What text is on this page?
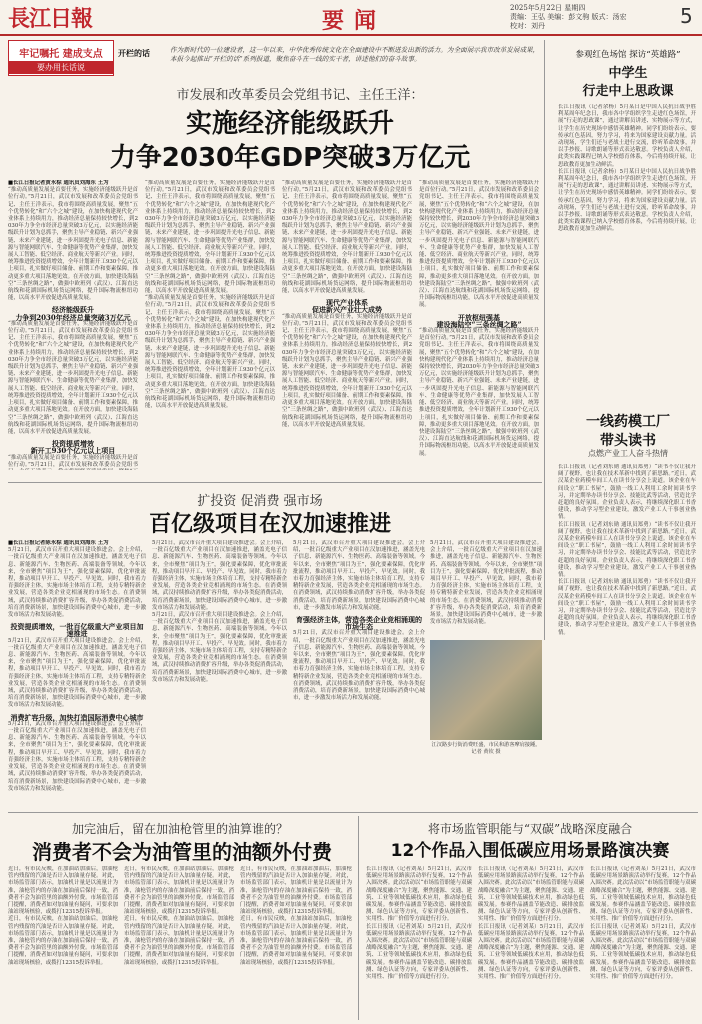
長江日報	要闻	2025年5月22日 星期四
责编：王弘 美编：彭文驹 版式：汤宏
校对：刘丹	5
牢记嘱托 建成支点
要办用长话说
开栏的话	作为新时代的一位建设者，这一年以来，中华优秀传统文化在全面建设中不断迸发出新的活力。为全面展示我市改革发展成果，本报今起推出“开栏的话”系列报道，聚焦奋斗在一线的实干者，讲述他们的奋斗故事。
市发展和改革委员会党组书记、主任王洋：
实施经济能级跃升
力争2030年GDP突破3万亿元
■长江日报记者黄永棕 通讯员刘海东 王为
“推动高质量发展是首要任务，实施经济能级跃升是首位行动。”5月21日，武汉市发展和改革委员会党组书记、主任王洋表示，我市将围绕高质量发展，聚焦“五个优势转化”和“六个之城”建设，在加快构建现代化产业体系上持续用力，推动经济总量保持较快增长，到2030年力争全市经济总量突破3万亿元，以实施经济能级跃升计划为总抓手，聚焦主导产业稳链、新兴产业强链、未来产业建链，进一步巩固提升光电子信息、新能源与智能网联汽车、生命健康等优势产业集群，加快发展人工智能、低空经济、商业航天等新兴产业。同时，统筹推进投资提质增效，全年计划新开工930个亿元以上项目，扎实做好项目储备、前期工作和要素保障，推动更多重大项目落地见效。在开放方面，加快建设海陆空“三条丝绸之路”，做强中欧班列（武汉）、江海直达航线和花湖国际机场货运网络，提升国际物流枢纽功能，以高水平开放促进高质量发展。
经济能级跃升
力争到2030年经济总量突破3万亿元
“推动高质量发展是首要任务，实施经济能级跃升是首位行动。”5月21日，武汉市发展和改革委员会党组书记、主任王洋表示，我市将围绕高质量发展，聚焦“五个优势转化”和“六个之城”建设，在加快构建现代化产业体系上持续用力，推动经济总量保持较快增长，到2030年力争全市经济总量突破3万亿元，以实施经济能级跃升计划为总抓手，聚焦主导产业稳链、新兴产业强链、未来产业建链，进一步巩固提升光电子信息、新能源与智能网联汽车、生命健康等优势产业集群，加快发展人工智能、低空经济、商业航天等新兴产业。同时，统筹推进投资提质增效，全年计划新开工930个亿元以上项目，扎实做好项目储备、前期工作和要素保障，推动更多重大项目落地见效。在开放方面，加快建设海陆空“三条丝绸之路”，做强中欧班列（武汉）、江海直达航线和花湖国际机场货运网络，提升国际物流枢纽功能，以高水平开放促进高质量发展。
投资提质增效
新开工930个亿元以上项目
“推动高质量发展是首要任务，实施经济能级跃升是首位行动。”5月21日，武汉市发展和改革委员会党组书
“推动高质量发展是首要任务，实施经济能级跃升是首位行动。”5月21日，武汉市发展和改革委员会党组书记、主任王洋表示，我市将围绕高质量发展，聚焦“五个优势转化”和“六个之城”建设，在加快构建现代化产业体系上持续用力，推动经济总量保持较快增长，到2030年力争全市经济总量突破3万亿元，以实施经济能级跃升计划为总抓手，聚焦主导产业稳链、新兴产业强链、未来产业建链，进一步巩固提升光电子信息、新能源与智能网联汽车、生命健康等优势产业集群，加快发展人工智能、低空经济、商业航天等新兴产业。同时，统筹推进投资提质增效，全年计划新开工930个亿元以上项目，扎实做好项目储备、前期工作和要素保障，推动更多重大项目落地见效。在开放方面，加快建设海陆空“三条丝绸之路”，做强中欧班列（武汉）、江海直达航线和花湖国际机场货运网络，提升国际物流枢纽功能，以高水平开放促进高质量发展。
“推动高质量发展是首要任务，实施经济能级跃升是首位行动。”5月21日，武汉市发展和改革委员会党组书记、主任王洋表示，我市将围绕高质量发展，聚焦“五个优势转化”和“六个之城”建设，在加快构建现代化产业体系上持续用力，推动经济总量保持较快增长，到2030年力争全市经济总量突破3万亿元，以实施经济能级跃升计划为总抓手，聚焦主导产业稳链、新兴产业强链、未来产业建链，进一步巩固提升光电子信息、新能源与智能网联汽车、生命健康等优势产业集群，加快发展人工智能、低空经济、商业航天等新兴产业。同时，统筹推进投资提质增效，全年计划新开工930个亿元以上项目，扎实做好项目储备、前期工作和要素保障，推动更多重大项目落地见效。在开放方面，加快建设海陆空“三条丝绸之路”，做强中欧班列（武汉）、江海直达航线和花湖国际机场货运网络，提升国际物流枢纽功能，以高水平开放促进高质量发展。
“推动高质量发展是首要任务，实施经济能级跃升是首位行动。”5月21日，武汉市发展和改革委员会党组书记、主任王洋表示，我市将围绕高质量发展，聚焦“五个优势转化”和“六个之城”建设，在加快构建现代化产业体系上持续用力，推动经济总量保持较快增长，到2030年力争全市经济总量突破3万亿元，以实施经济能级跃升计划为总抓手，聚焦主导产业稳链、新兴产业强链、未来产业建链，进一步巩固提升光电子信息、新能源与智能网联汽车、生命健康等优势产业集群，加快发展人工智能、低空经济、商业航天等新兴产业。同时，统筹推进投资提质增效，全年计划新开工930个亿元以上项目，扎实做好项目储备、前期工作和要素保障，推动更多重大项目落地见效。在开放方面，加快建设海陆空“三条丝绸之路”，做强中欧班列（武汉）、江海直达航线和花湖国际机场货运网络，提升国际物流枢纽功能，以高水平开放促进高质量发展。
现代产业体系
促进新兴产业壮大成势
“推动高质量发展是首要任务，实施经济能级跃升是首位行动。”5月21日，武汉市发展和改革委员会党组书记、主任王洋表示，我市将围绕高质量发展，聚焦“五个优势转化”和“六个之城”建设，在加快构建现代化产业体系上持续用力，推动经济总量保持较快增长，到2030年力争全市经济总量突破3万亿元，以实施经济能级跃升计划为总抓手，聚焦主导产业稳链、新兴产业强链、未来产业建链，进一步巩固提升光电子信息、新能源与智能网联汽车、生命健康等优势产业集群，加快发展人工智能、低空经济、商业航天等新兴产业。同时，统筹推进投资提质增效，全年计划新开工930个亿元以上项目，扎实做好项目储备、前期工作和要素保障，推动更多重大项目落地见效。在开放方面，加快建设海陆空“三条丝绸之路”，做强中欧班列（武汉）、江海直达航线和花湖国际机场货运网络，提升国际物流枢纽功能，以高水平开放促进高质量发展。
“推动高质量发展是首要任务，实施经济能级跃升是首位行动。”5月21日，武汉市发展和改革委员会党组书记、主任王洋表示，我市将围绕高质量发展，聚焦“五个优势转化”和“六个之城”建设，在加快构建现代化产业体系上持续用力，推动经济总量保持较快增长，到2030年力争全市经济总量突破3万亿元，以实施经济能级跃升计划为总抓手，聚焦主导产业稳链、新兴产业强链、未来产业建链，进一步巩固提升光电子信息、新能源与智能网联汽车、生命健康等优势产业集群，加快发展人工智能、低空经济、商业航天等新兴产业。同时，统筹推进投资提质增效，全年计划新开工930个亿元以上项目，扎实做好项目储备、前期工作和要素保障，推动更多重大项目落地见效。在开放方面，加快建设海陆空“三条丝绸之路”，做强中欧班列（武汉）、江海直达航线和花湖国际机场货运网络，提升国际物流枢纽功能，以高水平开放促进高质量发展。
开放枢纽强基
建设海陆空“三条丝绸之路”
“推动高质量发展是首要任务，实施经济能级跃升是首位行动。”5月21日，武汉市发展和改革委员会党组书记、主任王洋表示，我市将围绕高质量发展，聚焦“五个优势转化”和“六个之城”建设，在加快构建现代化产业体系上持续用力，推动经济总量保持较快增长，到2030年力争全市经济总量突破3万亿元，以实施经济能级跃升计划为总抓手，聚焦主导产业稳链、新兴产业强链、未来产业建链，进一步巩固提升光电子信息、新能源与智能网联汽车、生命健康等优势产业集群，加快发展人工智能、低空经济、商业航天等新兴产业。同时，统筹推进投资提质增效，全年计划新开工930个亿元以上项目，扎实做好项目储备、前期工作和要素保障，推动更多重大项目落地见效。在开放方面，加快建设海陆空“三条丝绸之路”，做强中欧班列（武汉）、江海直达航线和花湖国际机场货运网络，提升国际物流枢纽功能，以高水平开放促进高质量发展。
参观红色场馆 探访“英雄路”
中学生
行走中上思政课
长江日报讯（记者余杨）5月某日是中国人民抗日战争胜利某周年纪念日，我市各中学组织学生走进红色场馆，开展“行走的思政课”，通过讲解员讲述、实物展示等方式，让学生在历史现场中感悟英雄精神。同学们纷纷表示，要传承红色基因，努力学习，将来为国家建设贡献力量。活动现场，学生们还与老战士进行交流，聆听革命故事，并以手抄报、诗歌朗诵等形式表达敬意。学校负责人介绍，此类实践课程已纳入学校德育体系，今后将持续开展，让思政教育更加生动鲜活。
长江日报讯（记者余杨）5月某日是中国人民抗日战争胜利某周年纪念日，我市各中学组织学生走进红色场馆，开展“行走的思政课”，通过讲解员讲述、实物展示等方式，让学生在历史现场中感悟英雄精神。同学们纷纷表示，要传承红色基因，努力学习，将来为国家建设贡献力量。活动现场，学生们还与老战士进行交流，聆听革命故事，并以手抄报、诗歌朗诵等形式表达敬意。学校负责人介绍，此类实践课程已纳入学校德育体系，今后将持续开展，让思政教育更加生动鲜活。
扩投资 促消费 强市场
百亿级项目在汉加速推进
■长江日报记者陈永棕 通讯员刘海东 王为
5月21日，武汉市召开重大项目建设推进会。会上介绍，一批百亿级重大产业项目在汉加速推进，涵盖光电子信息、新能源汽车、生物医药、高端装备等领域。今年以来，全市聚焦“项目为王”，强化要素保障，优化审批流程，推动项目早开工、早投产、早见效。同时，我市着力育强经济主体，实施市场主体培育工程，支持专精特新企业发展，营造各类企业竞相涌现的市场生态。在消费领域，武汉持续推动消费扩容升级，举办各类促消费活动，培育消费新场景，加快建设国际消费中心城市，进一步激发市场活力和发展动能。
投资提质增效，一批百亿级重大产业项目加速推进
5月21日，武汉市召开重大项目建设推进会。会上介绍，一批百亿级重大产业项目在汉加速推进，涵盖光电子信息、新能源汽车、生物医药、高端装备等领域。今年以来，全市聚焦“项目为王”，强化要素保障，优化审批流程，推动项目早开工、早投产、早见效。同时，我市着力育强经济主体，实施市场主体培育工程，支持专精特新企业发展，营造各类企业竞相涌现的市场生态。在消费领域，武汉持续推动消费扩容升级，举办各类促消费活动，培育消费新场景，加快建设国际消费中心城市，进一步激发市场活力和发展动能。
消费扩容升级，加快打造国际消费中心城市
5月21日，武汉市召开重大项目建设推进会。会上介绍，一批百亿级重大产业项目在汉加速推进，涵盖光电子信息、新能源汽车、生物医药、高端装备等领域。今年以来，全市聚焦“项目为王”，强化要素保障，优化审批流程，推动项目早开工、早投产、早见效。同时，我市着力育强经济主体，实施市场主体培育工程，支持专精特新企业发展，营造各类企业竞相涌现的市场生态。在消费领域，武汉持续推动消费扩容升级，举办各类促消费活动，培育消费新场景，加快建设国际消费中心城市，进一步激发市场活力和发展动能。
5月21日，武汉市召开重大项目建设推进会。会上介绍，一批百亿级重大产业项目在汉加速推进，涵盖光电子信息、新能源汽车、生物医药、高端装备等领域。今年以来，全市聚焦“项目为王”，强化要素保障，优化审批流程，推动项目早开工、早投产、早见效。同时，我市着力育强经济主体，实施市场主体培育工程，支持专精特新企业发展，营造各类企业竞相涌现的市场生态。在消费领域，武汉持续推动消费扩容升级，举办各类促消费活动，培育消费新场景，加快建设国际消费中心城市，进一步激发市场活力和发展动能。
5月21日，武汉市召开重大项目建设推进会。会上介绍，一批百亿级重大产业项目在汉加速推进，涵盖光电子信息、新能源汽车、生物医药、高端装备等领域。今年以来，全市聚焦“项目为王”，强化要素保障，优化审批流程，推动项目早开工、早投产、早见效。同时，我市着力育强经济主体，实施市场主体培育工程，支持专精特新企业发展，营造各类企业竞相涌现的市场生态。在消费领域，武汉持续推动消费扩容升级，举办各类促消费活动，培育消费新场景，加快建设国际消费中心城市，进一步激发市场活力和发展动能。
5月21日，武汉市召开重大项目建设推进会。会上介绍，一批百亿级重大产业项目在汉加速推进，涵盖光电子信息、新能源汽车、生物医药、高端装备等领域。今年以来，全市聚焦“项目为王”，强化要素保障，优化审批流程，推动项目早开工、早投产、早见效。同时，我市着力育强经济主体，实施市场主体培育工程，支持专精特新企业发展，营造各类企业竞相涌现的市场生态。在消费领域，武汉持续推动消费扩容升级，举办各类促消费活动，培育消费新场景，加快建设国际消费中心城市，进一步激发市场活力和发展动能。
育强经济主体，营造各类企业竞相涌现的市场生态
5月21日，武汉市召开重大项目建设推进会。会上介绍，一批百亿级重大产业项目在汉加速推进，涵盖光电子信息、新能源汽车、生物医药、高端装备等领域。今年以来，全市聚焦“项目为王”，强化要素保障，优化审批流程，推动项目早开工、早投产、早见效。同时，我市着力育强经济主体，实施市场主体培育工程，支持专精特新企业发展，营造各类企业竞相涌现的市场生态。在消费领域，武汉持续推动消费扩容升级，举办各类促消费活动，培育消费新场景，加快建设国际消费中心城市，进一步激发市场活力和发展动能。
5月21日，武汉市召开重大项目建设推进会。会上介绍，一批百亿级重大产业项目在汉加速推进，涵盖光电子信息、新能源汽车、生物医药、高端装备等领域。今年以来，全市聚焦“项目为王”，强化要素保障，优化审批流程，推动项目早开工、早投产、早见效。同时，我市着力育强经济主体，实施市场主体培育工程，支持专精特新企业发展，营造各类企业竞相涌现的市场生态。在消费领域，武汉持续推动消费扩容升级，举办各类促消费活动，培育消费新场景，加快建设国际消费中心城市，进一步激发市场活力和发展动能。
江汉路步行街消费旺盛，市民和游客摩肩接踵。 记者 黄钦 摄
一线药模工厂
带头读书
点燃产业工人奋斗热情
长江日报讯（记者刘东勋 通讯员郑勇）“读书不仅让我开阔了视野，也让我在技术革新中找到了新思路。”近日，武汉某企业药模车间工人在读书分享会上说道。该企业在车间设立“职工书屋”，鼓励一线工人利用工余时间读书学习，并定期举办读书分享会、技能比武等活动，营造比学赶超的良好氛围。企业负责人表示，将继续深化职工书香建设，推动学习型企业建设，激发产业工人干事创业热情。
长江日报讯（记者刘东勋 通讯员郑勇）“读书不仅让我开阔了视野，也让我在技术革新中找到了新思路。”近日，武汉某企业药模车间工人在读书分享会上说道。该企业在车间设立“职工书屋”，鼓励一线工人利用工余时间读书学习，并定期举办读书分享会、技能比武等活动，营造比学赶超的良好氛围。企业负责人表示，将继续深化职工书香建设，推动学习型企业建设，激发产业工人干事创业热情。
长江日报讯（记者刘东勋 通讯员郑勇）“读书不仅让我开阔了视野，也让我在技术革新中找到了新思路。”近日，武汉某企业药模车间工人在读书分享会上说道。该企业在车间设立“职工书屋”，鼓励一线工人利用工余时间读书学习，并定期举办读书分享会、技能比武等活动，营造比学赶超的良好氛围。企业负责人表示，将继续深化职工书香建设，推动学习型企业建设，激发产业工人干事创业热情。
加完油后，留在加油枪管里的油算谁的？
消费者不会为油管里的油额外付费
近日，有市民反映，在加油站加油后，加油枪管内残留的汽油是否计入加油量存疑。对此，市场监管部门表示，加油机计量是以流量计为准，油枪管内的存油在加油前后保持一致，消费者不会为油管里的油额外付费。市场监管部门提醒，消费者如对加油量有疑问，可要求加油站现场核验，或拨打12315投诉举报。
近日，有市民反映，在加油站加油后，加油枪管内残留的汽油是否计入加油量存疑。对此，市场监管部门表示，加油机计量是以流量计为准，油枪管内的存油在加油前后保持一致，消费者不会为油管里的油额外付费。市场监管部门提醒，消费者如对加油量有疑问，可要求加油站现场核验，或拨打12315投诉举报。
近日，有市民反映，在加油站加油后，加油枪管内残留的汽油是否计入加油量存疑。对此，市场监管部门表示，加油机计量是以流量计为准，油枪管内的存油在加油前后保持一致，消费者不会为油管里的油额外付费。市场监管部门提醒，消费者如对加油量有疑问，可要求加油站现场核验，或拨打12315投诉举报。
近日，有市民反映，在加油站加油后，加油枪管内残留的汽油是否计入加油量存疑。对此，市场监管部门表示，加油机计量是以流量计为准，油枪管内的存油在加油前后保持一致，消费者不会为油管里的油额外付费。市场监管部门提醒，消费者如对加油量有疑问，可要求加油站现场核验，或拨打12315投诉举报。
近日，有市民反映，在加油站加油后，加油枪管内残留的汽油是否计入加油量存疑。对此，市场监管部门表示，加油机计量是以流量计为准，油枪管内的存油在加油前后保持一致，消费者不会为油管里的油额外付费。市场监管部门提醒，消费者如对加油量有疑问，可要求加油站现场核验，或拨打12315投诉举报。
近日，有市民反映，在加油站加油后，加油枪管内残留的汽油是否计入加油量存疑。对此，市场监管部门表示，加油机计量是以流量计为准，油枪管内的存油在加油前后保持一致，消费者不会为油管里的油额外付费。市场监管部门提醒，消费者如对加油量有疑问，可要求加油站现场核验，或拨打12315投诉举报。
将市场监管职能与“双碳”战略深度融合
12个作品入围低碳应用场景路演决赛
长江日报讯（记者刘某）5月21日，武汉市低碳应用场景路演活动举行复赛，12个作品入围决赛。此次活动以“市场监管职能与双碳战略深度融合”为主题，聚焦能源、交通、建筑、工业等领域低碳技术应用，推动绿色低碳发展。参赛作品涵盖节能改造、碳排放监测、绿色认证等方向，专家评委从创新性、实用性、推广价值等方面进行打分。
长江日报讯（记者刘某）5月21日，武汉市低碳应用场景路演活动举行复赛，12个作品入围决赛。此次活动以“市场监管职能与双碳战略深度融合”为主题，聚焦能源、交通、建筑、工业等领域低碳技术应用，推动绿色低碳发展。参赛作品涵盖节能改造、碳排放监测、绿色认证等方向，专家评委从创新性、实用性、推广价值等方面进行打分。
长江日报讯（记者刘某）5月21日，武汉市低碳应用场景路演活动举行复赛，12个作品入围决赛。此次活动以“市场监管职能与双碳战略深度融合”为主题，聚焦能源、交通、建筑、工业等领域低碳技术应用，推动绿色低碳发展。参赛作品涵盖节能改造、碳排放监测、绿色认证等方向，专家评委从创新性、实用性、推广价值等方面进行打分。
长江日报讯（记者刘某）5月21日，武汉市低碳应用场景路演活动举行复赛，12个作品入围决赛。此次活动以“市场监管职能与双碳战略深度融合”为主题，聚焦能源、交通、建筑、工业等领域低碳技术应用，推动绿色低碳发展。参赛作品涵盖节能改造、碳排放监测、绿色认证等方向，专家评委从创新性、实用性、推广价值等方面进行打分。
长江日报讯（记者刘某）5月21日，武汉市低碳应用场景路演活动举行复赛，12个作品入围决赛。此次活动以“市场监管职能与双碳战略深度融合”为主题，聚焦能源、交通、建筑、工业等领域低碳技术应用，推动绿色低碳发展。参赛作品涵盖节能改造、碳排放监测、绿色认证等方向，专家评委从创新性、实用性、推广价值等方面进行打分。
长江日报讯（记者刘某）5月21日，武汉市低碳应用场景路演活动举行复赛，12个作品入围决赛。此次活动以“市场监管职能与双碳战略深度融合”为主题，聚焦能源、交通、建筑、工业等领域低碳技术应用，推动绿色低碳发展。参赛作品涵盖节能改造、碳排放监测、绿色认证等方向，专家评委从创新性、实用性、推广价值等方面进行打分。
